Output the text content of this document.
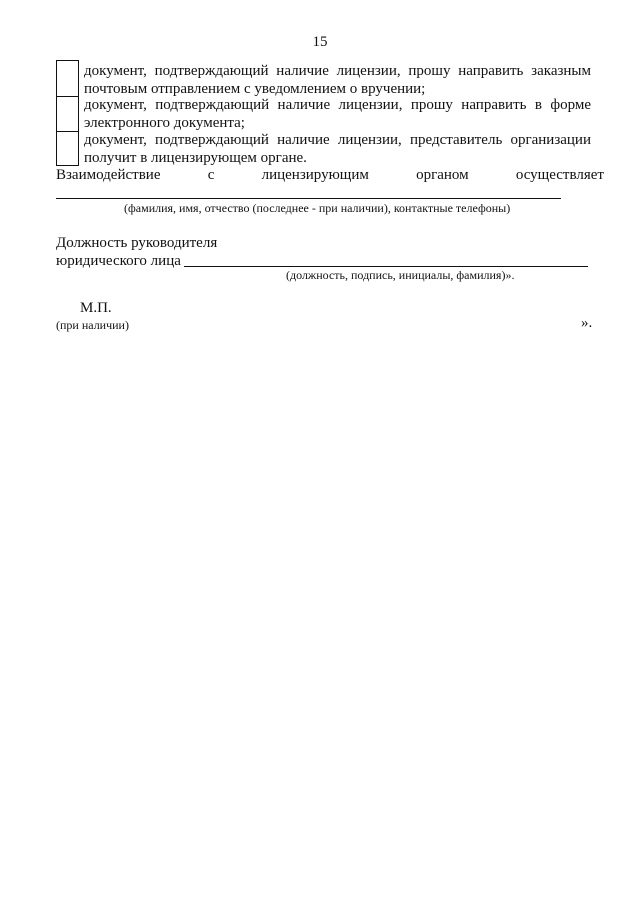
15
документ, подтверждающий наличие лицензии, прошу направить заказным
почтовым отправлением с уведомлением о вручении;
документ, подтверждающий наличие лицензии, прошу направить в форме
электронного документа;
документ, подтверждающий наличие лицензии, представитель организации
получит в лицензирующем органе.
Взаимодействие	с	лицензирующим	органом	осуществляет
(фамилия, имя, отчество (последнее - при наличии), контактные телефоны)
Должность руководителя
юридического лица
(должность, подпись, инициалы, фамилия)».
М.П.
(при наличии)	».
